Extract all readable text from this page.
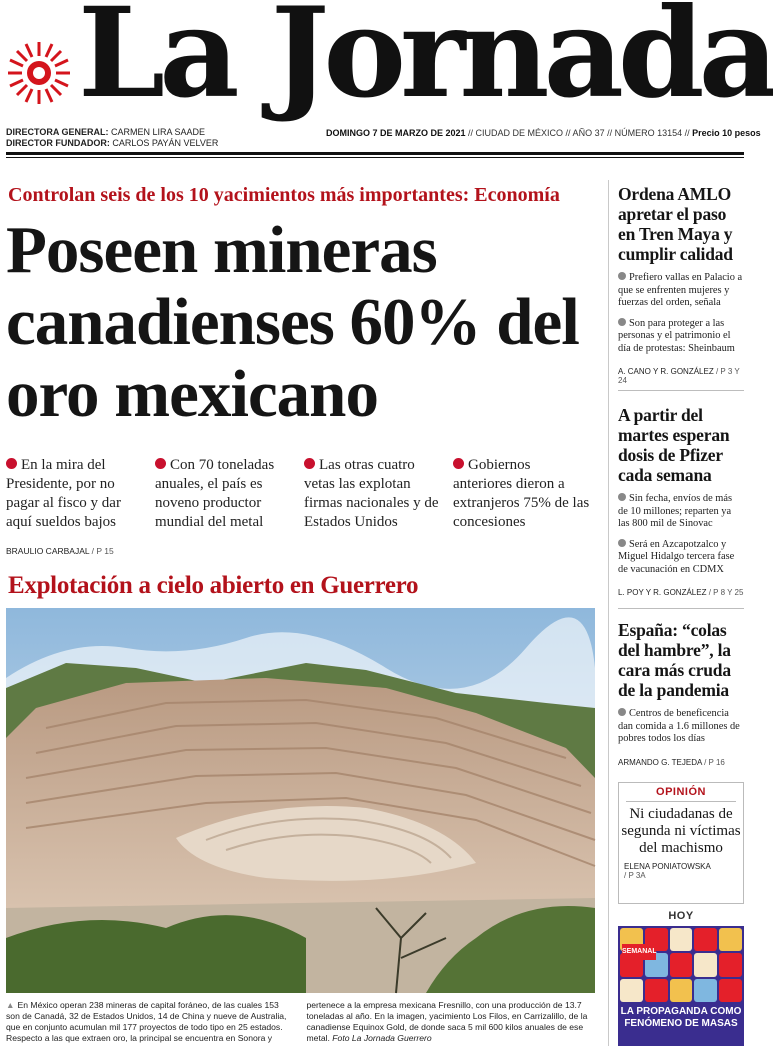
La Jornada
DIRECTORA GENERAL: CARMEN LIRA SAADE
DIRECTOR FUNDADOR: CARLOS PAYÁN VELVER
DOMINGO 7 DE MARZO DE 2021 // CIUDAD DE MÉXICO // AÑO 37 // NÚMERO 13154 // Precio 10 pesos
Controlan seis de los 10 yacimientos más importantes: Economía
Poseen mineras canadienses 60% del oro mexicano
En la mira del Presidente, por no pagar al fisco y dar aquí sueldos bajos
Con 70 toneladas anuales, el país es noveno productor mundial del metal
Las otras cuatro vetas las explotan firmas nacionales y de Estados Unidos
Gobiernos anteriores dieron a extranjeros 75% de las concesiones
BRAULIO CARBAJAL / P 15
Explotación a cielo abierto en Guerrero
▲ En México operan 238 mineras de capital foráneo, de las cuales 153 son de Canadá, 32 de Estados Unidos, 14 de China y nueve de Australia, que en conjunto acumulan mil 177 proyectos de todo tipo en 25 estados. Respecto a las que extraen oro, la principal se encuentra en Sonora y pertenece a la empresa mexicana Fresnillo, con una producción de 13.7 toneladas al año. En la imagen, yacimiento Los Filos, en Carrizalillo, de la canadiense Equinox Gold, de donde saca 5 mil 600 kilos anuales de ese metal. Foto La Jornada Guerrero
Ordena AMLO apretar el paso en Tren Maya y cumplir calidad

Prefiero vallas en Palacio a que se enfrenten mujeres y fuerzas del orden, señala

Son para proteger a las personas y el patrimonio el día de protestas: Sheinbaum

A. CANO Y R. GONZÁLEZ / P 3 Y 24
A partir del martes esperan dosis de Pfizer cada semana

Sin fecha, envíos de más de 10 millones; reparten ya las 800 mil de Sinovac

Será en Azcapotzalco y Miguel Hidalgo tercera fase de vacunación en CDMX

L. POY Y R. GONZÁLEZ / P 8 Y 25
España: “colas del hambre”, la cara más cruda de la pandemia

Centros de beneficencia dan comida a 1.6 millones de pobres todos los días

ARMANDO G. TEJEDA / P 16
OPINIÓN
Ni ciudadanas de segunda ni víctimas del machismo
ELENA PONIATOWSKA
/ P 3A
HOY
SEMANAL
LA PROPAGANDA COMO FENÓMENO DE MASAS
